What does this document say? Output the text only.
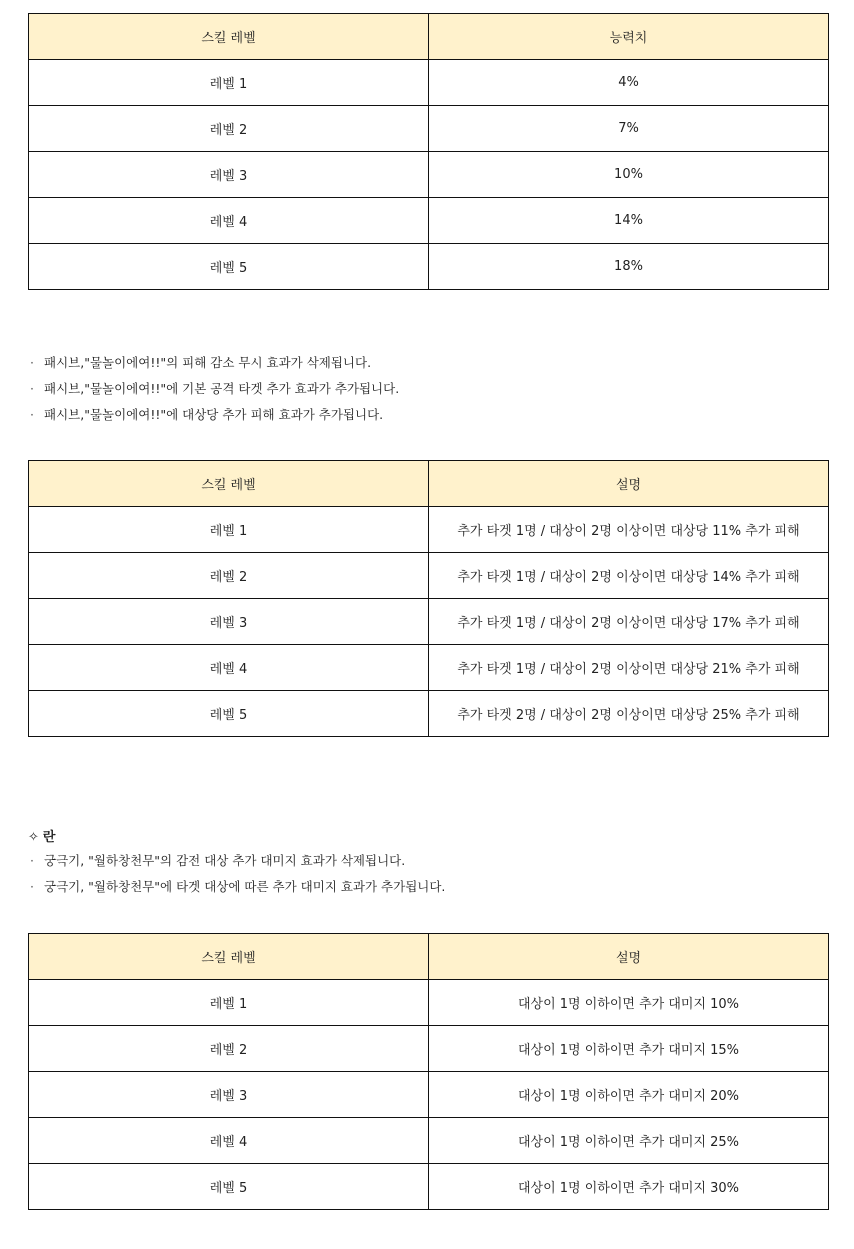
스킬 레벨	능력치
레벨 1	4%
레벨 2	7%
레벨 3	10%
레벨 4	14%
레벨 5	18%
· 패시브,"물놀이에여!!"의 피해 감소 무시 효과가 삭제됩니다.
· 패시브,"물놀이에여!!"에 기본 공격 타겟 추가 효과가 추가됩니다.
· 패시브,"물놀이에여!!"에 대상당 추가 피해 효과가 추가됩니다.
스킬 레벨	설명
레벨 1	추가 타겟 1명 / 대상이 2명 이상이면 대상당 11% 추가 피해
레벨 2	추가 타겟 1명 / 대상이 2명 이상이면 대상당 14% 추가 피해
레벨 3	추가 타겟 1명 / 대상이 2명 이상이면 대상당 17% 추가 피해
레벨 4	추가 타겟 1명 / 대상이 2명 이상이면 대상당 21% 추가 피해
레벨 5	추가 타겟 2명 / 대상이 2명 이상이면 대상당 25% 추가 피해
✧ 란
· 궁극기, "월하창천무"의 감전 대상 추가 대미지 효과가 삭제됩니다.
· 궁극기, "월하창천무"에 타겟 대상에 따른 추가 대미지 효과가 추가됩니다.
스킬 레벨	설명
레벨 1	대상이 1명 이하이면 추가 대미지 10%
레벨 2	대상이 1명 이하이면 추가 대미지 15%
레벨 3	대상이 1명 이하이면 추가 대미지 20%
레벨 4	대상이 1명 이하이면 추가 대미지 25%
레벨 5	대상이 1명 이하이면 추가 대미지 30%
